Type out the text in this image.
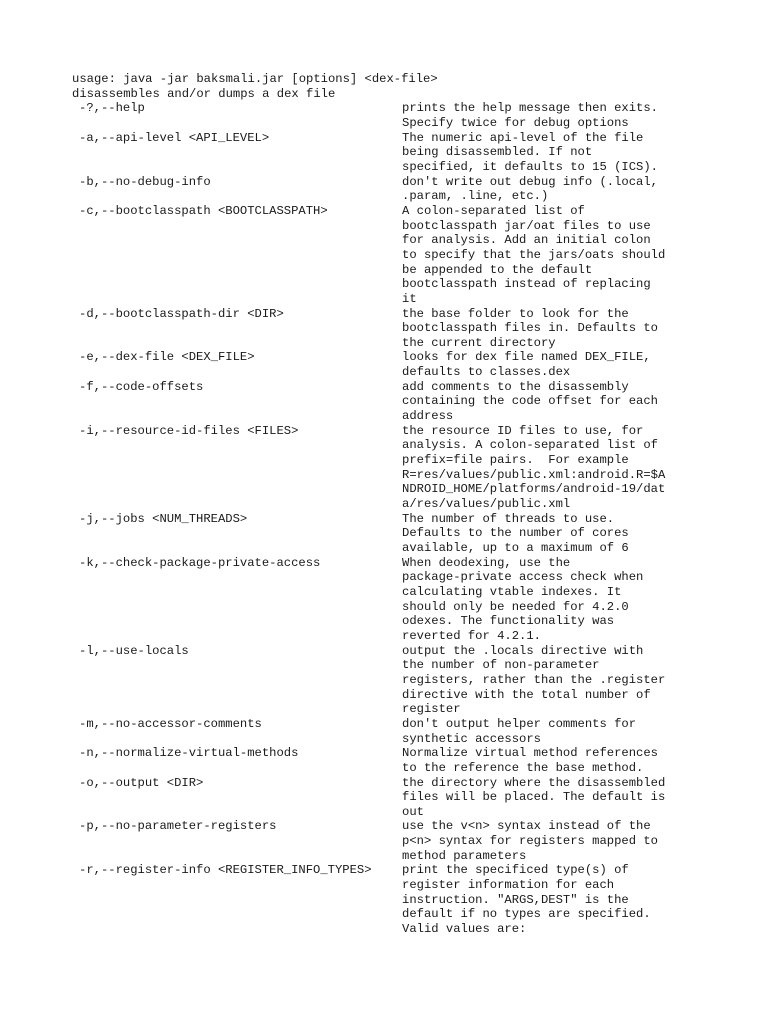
usage: java -jar baksmali.jar [options] <dex-file>
disassembles and/or dumps a dex file
-?,--help	prints the help message then exits.
Specify twice for debug options
-a,--api-level <API_LEVEL>	The numeric api-level of the file
being disassembled. If not
specified, it defaults to 15 (ICS).
-b,--no-debug-info	don't write out debug info (.local,
.param, .line, etc.)
-c,--bootclasspath <BOOTCLASSPATH>	A colon-separated list of
bootclasspath jar/oat files to use
for analysis. Add an initial colon
to specify that the jars/oats should
be appended to the default
bootclasspath instead of replacing
it
-d,--bootclasspath-dir <DIR>	the base folder to look for the
bootclasspath files in. Defaults to
the current directory
-e,--dex-file <DEX_FILE>	looks for dex file named DEX_FILE,
defaults to classes.dex
-f,--code-offsets	add comments to the disassembly
containing the code offset for each
address
-i,--resource-id-files <FILES>	the resource ID files to use, for
analysis. A colon-separated list of
prefix=file pairs.  For example
R=res/values/public.xml:android.R=$A
NDROID_HOME/platforms/android-19/dat
a/res/values/public.xml
-j,--jobs <NUM_THREADS>	The number of threads to use.
Defaults to the number of cores
available, up to a maximum of 6
-k,--check-package-private-access	When deodexing, use the
package-private access check when
calculating vtable indexes. It
should only be needed for 4.2.0
odexes. The functionality was
reverted for 4.2.1.
-l,--use-locals	output the .locals directive with
the number of non-parameter
registers, rather than the .register
directive with the total number of
register
-m,--no-accessor-comments	don't output helper comments for
synthetic accessors
-n,--normalize-virtual-methods	Normalize virtual method references
to the reference the base method.
-o,--output <DIR>	the directory where the disassembled
files will be placed. The default is
out
-p,--no-parameter-registers	use the v<n> syntax instead of the
p<n> syntax for registers mapped to
method parameters
-r,--register-info <REGISTER_INFO_TYPES>	print the specificed type(s) of
register information for each
instruction. "ARGS,DEST" is the
default if no types are specified.
Valid values are:
